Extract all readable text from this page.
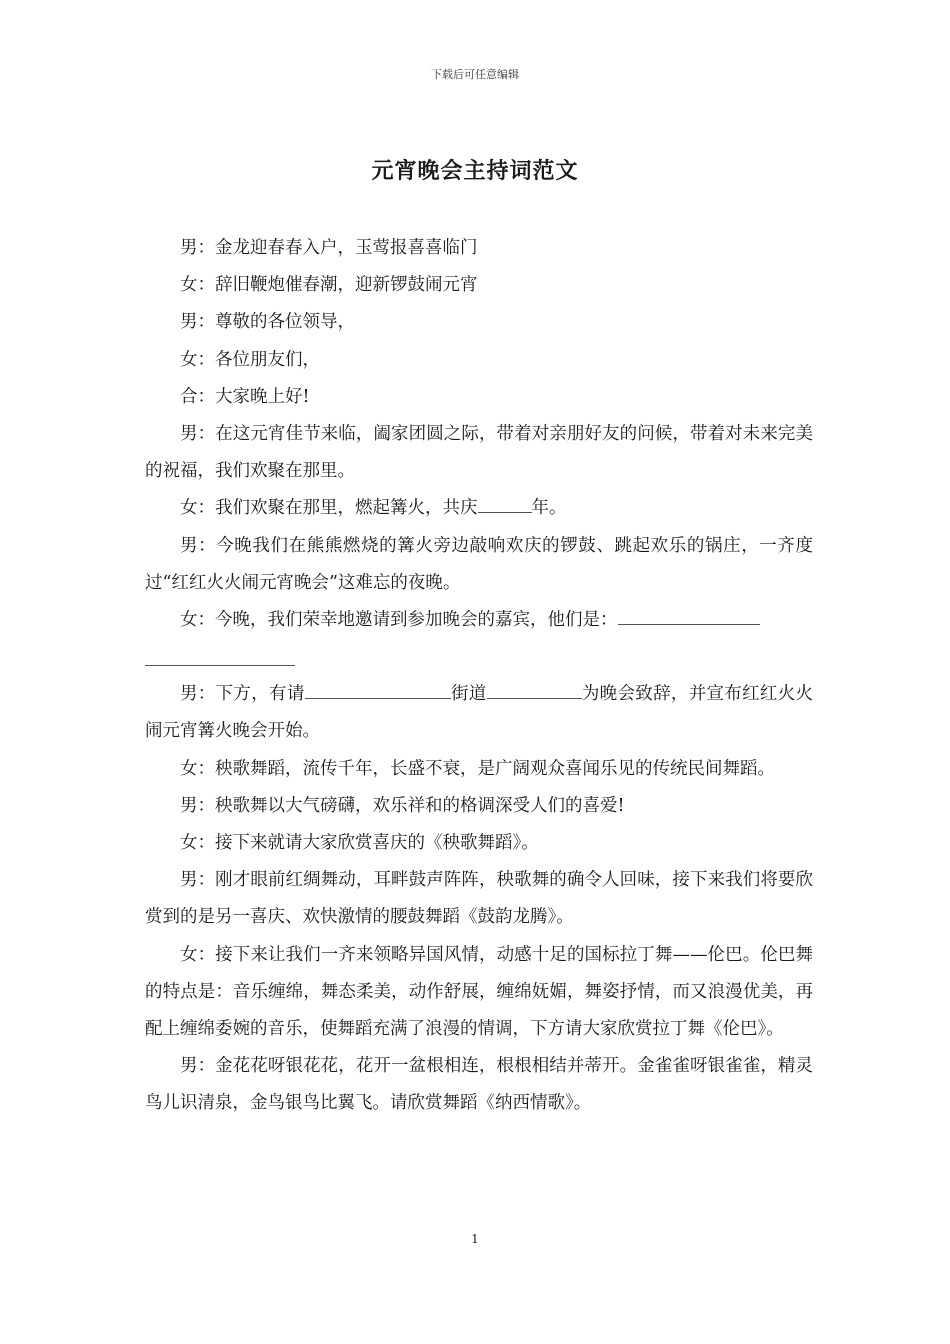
下载后可任意编辑
元宵晚会主持词范文

男：金龙迎春春入户，玉莺报喜喜临门

女：辞旧鞭炮催春潮，迎新锣鼓闹元宵

男：尊敬的各位领导，

女：各位朋友们，

合：大家晚上好!

男：在这元宵佳节来临，阖家团圆之际，带着对亲朋好友的问候，带着对未来完美的祝福，我们欢聚在那里。

女：我们欢聚在那里，燃起篝火，共庆	年。

男：今晚我们在熊熊燃烧的篝火旁边敲响欢庆的锣鼓、跳起欢乐的锅庄，一齐度过“红红火火闹元宵晚会”这难忘的夜晚。

女：今晚，我们荣幸地邀请到参加晚会的嘉宾，他们是：

男：下方，有请	街道	为晚会致辞，并宣布红红火火闹元宵篝火晚会开始。

女：秧歌舞蹈，流传千年，长盛不衰，是广阔观众喜闻乐见的传统民间舞蹈。

男：秧歌舞以大气磅礴，欢乐祥和的格调深受人们的喜爱!

女：接下来就请大家欣赏喜庆的《秧歌舞蹈》。

男：刚才眼前红绸舞动，耳畔鼓声阵阵，秧歌舞的确令人回味，接下来我们将要欣赏到的是另一喜庆、欢快激情的腰鼓舞蹈《鼓韵龙腾》。

女：接下来让我们一齐来领略异国风情，动感十足的国标拉丁舞——伦巴。伦巴舞的特点是：音乐缠绵，舞态柔美，动作舒展，缠绵妩媚，舞姿抒情，而又浪漫优美，再配上缠绵委婉的音乐，使舞蹈充满了浪漫的情调，下方请大家欣赏拉丁舞《伦巴》。

男：金花花呀银花花，花开一盆根相连，根根相结并蒂开。金雀雀呀银雀雀，精灵鸟儿识清泉，金鸟银鸟比翼飞。请欣赏舞蹈《纳西情歌》。

1
